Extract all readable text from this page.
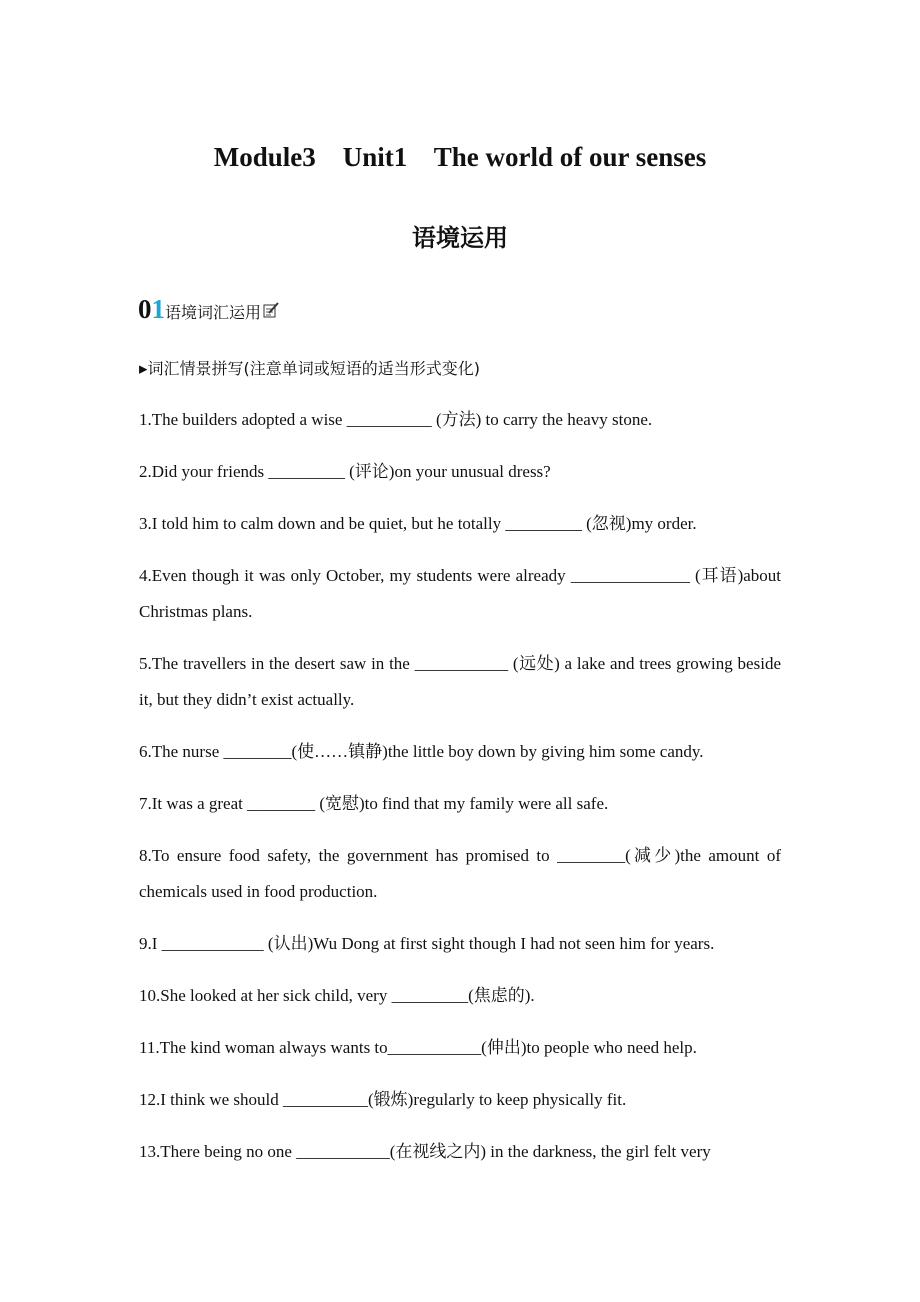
Module3    Unit1    The world of our senses
语境运用
0 1 语境词汇运用
▸词汇情景拼写(注意单词或短语的适当形式变化)

1.The builders adopted a wise __________ (方法) to carry the heavy stone.

2.Did your friends _________ (评论)on your unusual dress?

3.I told him to calm down and be quiet, but he totally _________ (忽视)my order.

4.Even though it was only October, my students were already ______________ (耳语)about Christmas plans.

5.The travellers in the desert saw in the ___________ (远处) a lake and trees growing beside it, but they didn’t exist actually.

6.The nurse ________(使……镇静)the little boy down by giving him some candy.

7.It was a great ________ (宽慰)to find that my family were all safe.

8.To ensure food safety, the government has promised to ________(减少)the amount of chemicals used in food production.

9.I ____________ (认出)Wu Dong at first sight though I had not seen him for years.

10.She looked at her sick child, very _________(焦虑的).

11.The kind woman always wants to___________(伸出)to people who need help.

12.I think we should __________(锻炼)regularly to keep physically fit.

13.There being no one ___________(在视线之内) in the darkness, the girl felt very
